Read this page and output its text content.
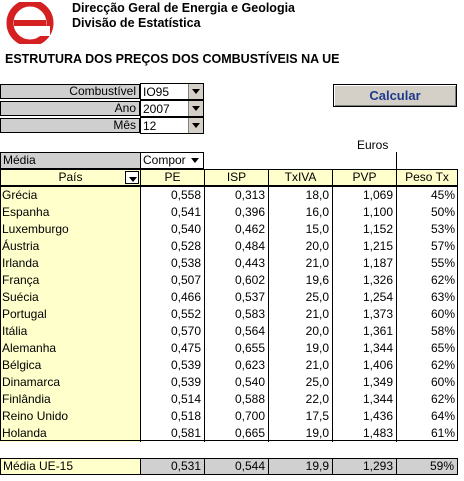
Direcção Geral de Energia e Geologia
Divisão de Estatística
ESTRUTURA DOS PREÇOS DOS COMBUSTÍVEIS NA UE
Combustível IO95
Ano 2007
Mês 12
Calcular
Euros
Média	Compor
País	PE	ISP	TxIVA	PVP	Peso Tx
Grécia	0,558	0,313	18,0	1,069	45%
Espanha	0,541	0,396	16,0	1,100	50%
Luxemburgo	0,540	0,462	15,0	1,152	53%
Áustria	0,528	0,484	20,0	1,215	57%
Irlanda	0,538	0,443	21,0	1,187	55%
França	0,507	0,602	19,6	1,326	62%
Suécia	0,466	0,537	25,0	1,254	63%
Portugal	0,552	0,583	21,0	1,373	60%
Itália	0,570	0,564	20,0	1,361	58%
Alemanha	0,475	0,655	19,0	1,344	65%
Bélgica	0,539	0,623	21,0	1,406	62%
Dinamarca	0,539	0,540	25,0	1,349	60%
Finlândia	0,514	0,588	22,0	1,344	62%
Reino Unido	0,518	0,700	17,5	1,436	64%
Holanda	0,581	0,665	19,0	1,483	61%
Média UE-15	0,531	0,544	19,9	1,293	59%
